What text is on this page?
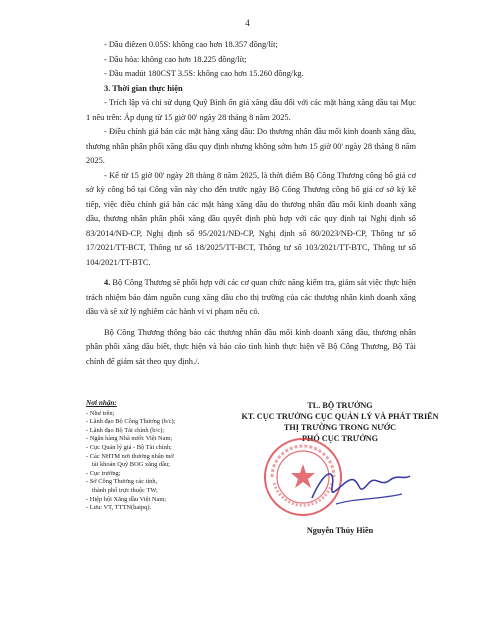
4

- Dầu điêzen 0.05S: không cao hơn 18.357 đồng/lít;

- Dầu hỏa: không cao hơn 18.225 đồng/lít;

- Dầu madút 180CST 3.5S: không cao hơn 15.260 đồng/kg.

3. Thời gian thực hiện

- Trích lập và chi sử dụng Quỹ Bình ổn giá xăng dầu đối với các mặt hàng xăng dầu tại Mục 1 nêu trên: Áp dụng từ 15 giờ 00' ngày 28 tháng 8 năm 2025.

- Điều chỉnh giá bán các mặt hàng xăng dầu: Do thương nhân đầu mối kinh doanh xăng dầu, thương nhân phân phối xăng dầu quy định nhưng không sớm hơn 15 giờ 00' ngày 28 tháng 8 năm 2025.

- Kể từ 15 giờ 00' ngày 28 tháng 8 năm 2025, là thời điểm Bộ Công Thương công bố giá cơ sở kỳ công bố tại Công văn này cho đến trước ngày Bộ Công Thương công bố giá cơ sở kỳ kế tiếp, việc điều chỉnh giá bán các mặt hàng xăng dầu do thương nhân đầu mối kinh doanh xăng dầu, thương nhân phân phối xăng dầu quyết định phù hợp với các quy định tại Nghị định số 83/2014/NĐ-CP, Nghị định số 95/2021/NĐ-CP, Nghị định số 80/2023/NĐ-CP, Thông tư số 17/2021/TT-BCT, Thông tư số 18/2025/TT-BCT, Thông tư số 103/2021/TT-BTC, Thông tư số 104/2021/TT-BTC.

4. Bộ Công Thương sẽ phối hợp với các cơ quan chức năng kiểm tra, giám sát việc thực hiện trách nhiệm bảo đảm nguồn cung xăng dầu cho thị trường của các thương nhân kinh doanh xăng dầu và sẽ xử lý nghiêm các hành vi vi phạm nếu có.

Bộ Công Thương thông báo các thương nhân đầu mối kinh doanh xăng dầu, thương nhân phân phối xăng dầu biết, thực hiện và báo cáo tình hình thực hiện về Bộ Công Thương, Bộ Tài chính để giám sát theo quy định./.

Nơi nhận:
- Như trên;
- Lãnh đạo Bộ Công Thương (b/c);
- Lãnh đạo Bộ Tài chính (b/c);
- Ngân hàng Nhà nước Việt Nam;
- Cục Quản lý giá - Bộ Tài chính;
- Các NHTM nơi thương nhân mở
tài khoản Quỹ BOG xăng dầu;
- Cục trưởng;
- Sở Công Thương các tỉnh,
thành phố trực thuộc TW;
- Hiệp hội Xăng dầu Việt Nam;
- Lưu: VT, TTTN(haipq).
TL. BỘ TRƯỞNG
KT. CỤC TRƯỞNG CỤC QUẢN LÝ VÀ PHÁT TRIỂN
THỊ TRƯỜNG TRONG NƯỚC
PHÓ CỤC TRƯỞNG
Nguyễn Thúy Hiền
